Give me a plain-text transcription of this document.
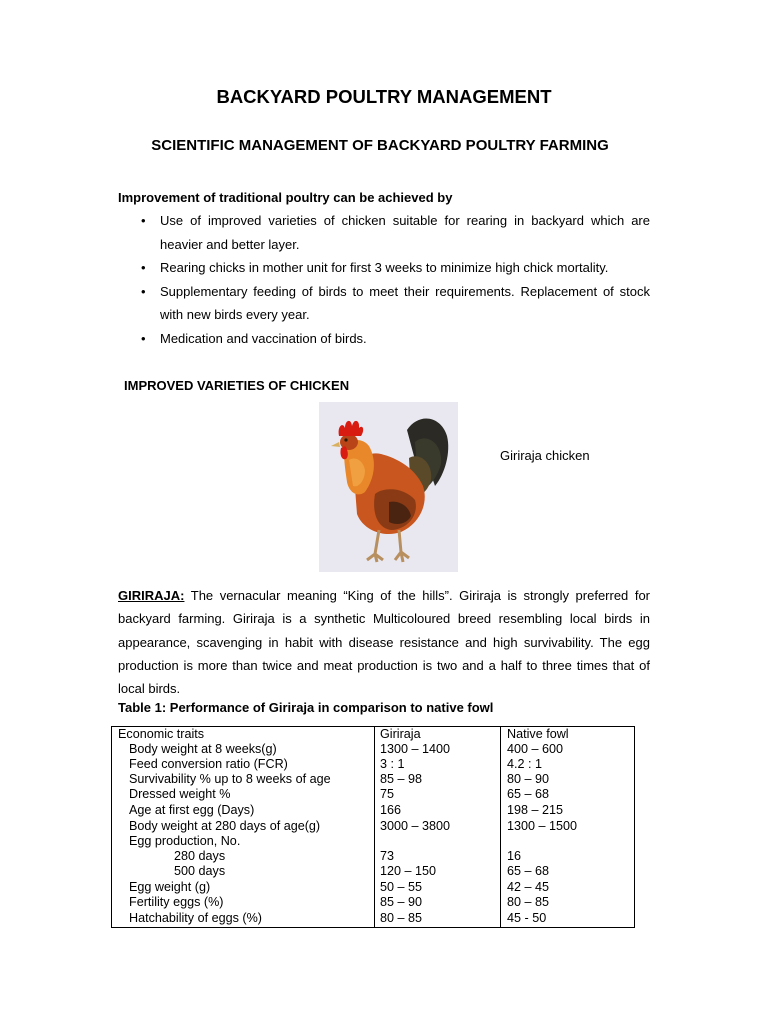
BACKYARD POULTRY MANAGEMENT
SCIENTIFIC MANAGEMENT OF BACKYARD POULTRY FARMING
Improvement of traditional poultry can be achieved by
• Use of improved varieties of chicken suitable for rearing in backyard which are heavier and better layer.
• Rearing chicks in mother unit for first 3 weeks to minimize high chick mortality.
• Supplementary feeding of birds to meet their requirements. Replacement of stock with new birds every year.
• Medication and vaccination of birds.
IMPROVED VARIETIES OF CHICKEN
Giriraja chicken

GIRIRAJA: The vernacular meaning “King of the hills”. Giriraja is strongly preferred for backyard farming. Giriraja is a synthetic Multicoloured breed resembling local birds in appearance, scavenging in habit with disease resistance and high survivability. The egg production is more than twice and meat production is two and a half to three times that of local birds.

Table 1: Performance of Giriraja in comparison to native fowl
Economic traits	Giriraja	Native fowl
Body weight at 8 weeks(g)	1300 – 1400	400 – 600
Feed conversion ratio (FCR)	3 : 1	4.2 : 1
Survivability % up to 8 weeks of age	85 – 98	80 – 90
Dressed weight %	75	65 – 68
Age at first egg (Days)	166	198 – 215
Body weight at 280 days of age(g)	3000 – 3800	1300 – 1500
Egg production, No.
280 days	73	16
500 days	120 – 150	65 – 68
Egg weight (g)	50 – 55	42 – 45
Fertility eggs (%)	85 – 90	80 – 85
Hatchability of eggs (%)	80 – 85	45 - 50
